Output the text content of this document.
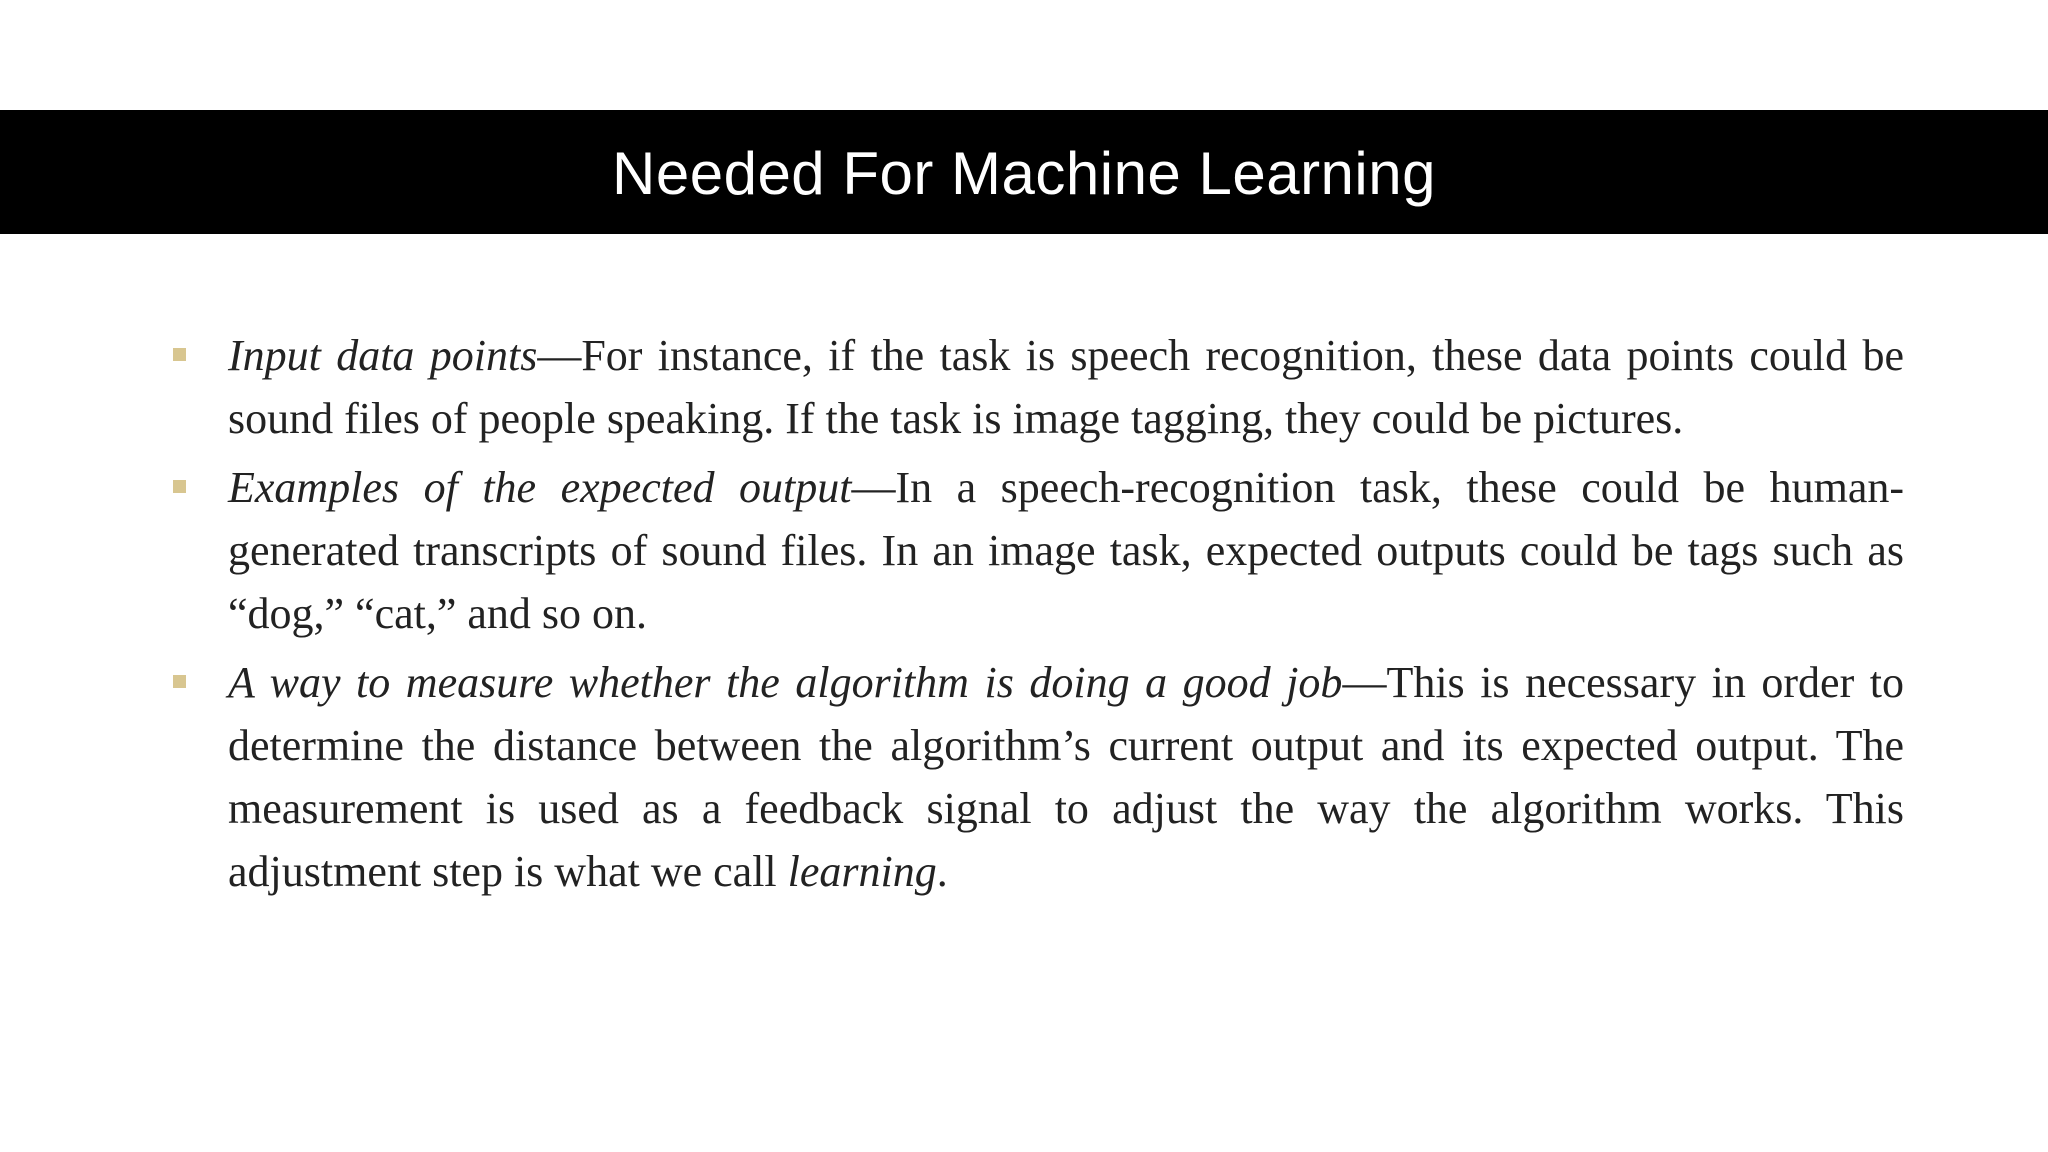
Needed For Machine Learning
Input data points—For instance, if the task is speech recognition, these data points could be sound files of people speaking. If the task is image tagging, they could be pictures.
Examples of the expected output—In a speech-recognition task, these could be human-generated transcripts of sound files. In an image task, expected outputs could be tags such as “dog,” “cat,” and so on.
A way to measure whether the algorithm is doing a good job—This is necessary in order to determine the distance between the algorithm’s current output and its expected output. The measurement is used as a feedback signal to adjust the way the algorithm works. This adjustment step is what we call learning.
